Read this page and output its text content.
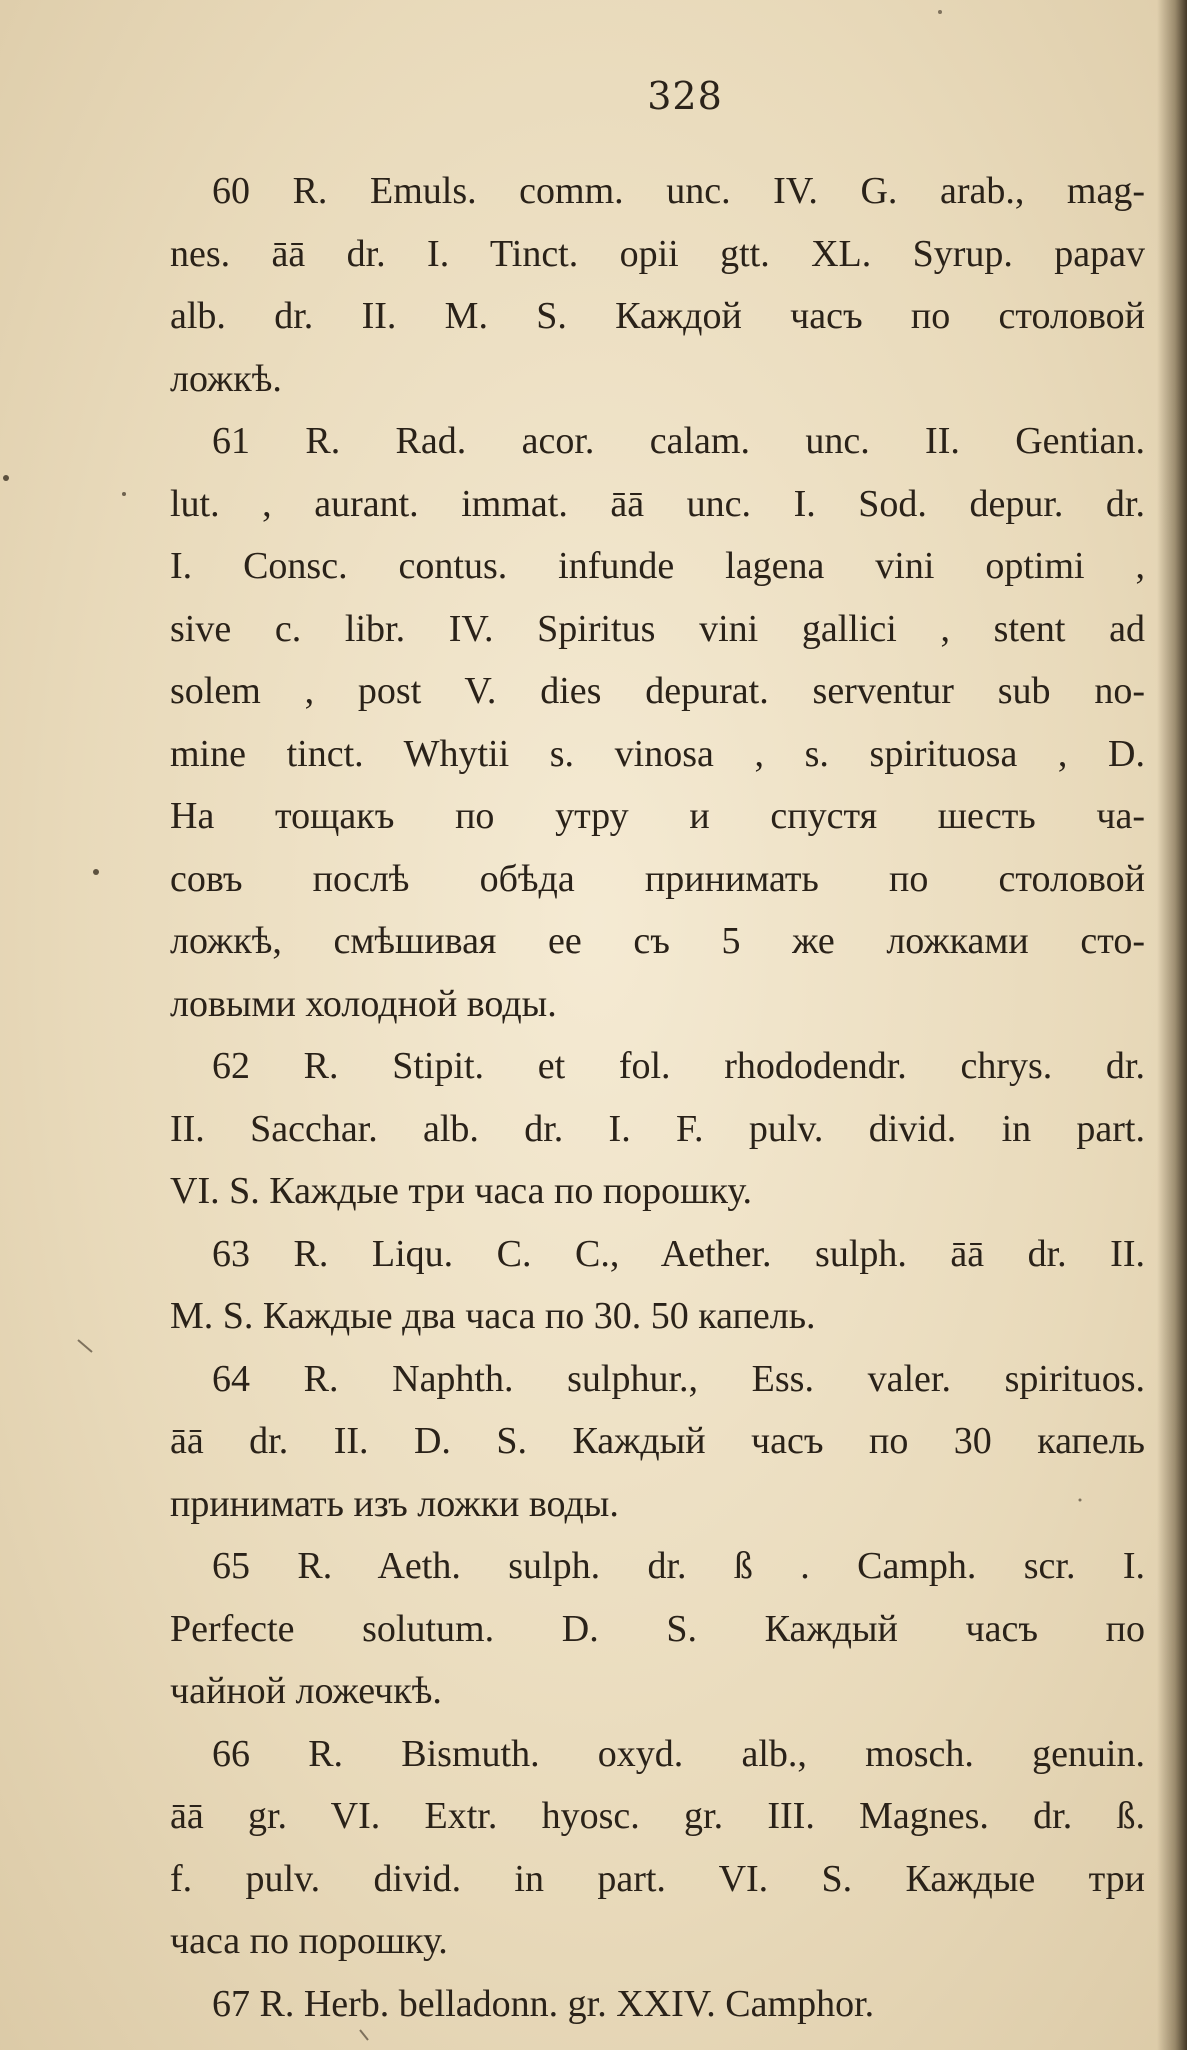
328
60 R. Emuls. comm. unc. IV. G. arab., mag-
nes. āā dr. I. Tinct. opii gtt. XL. Syrup. papav
alb. dr. II. M. S. Каждой часъ по столовой
ложкѣ.
61 R. Rad. acor. calam. unc. II. Gentian.
lut. , aurant. immat. āā unc. I. Sod. depur. dr.
I. Consc. contus. infunde lagena vini optimi ,
sive c. libr. IV. Spiritus vini gallici , stent ad
solem , post V. dies depurat. serventur sub no-
mine tinct. Whytii s. vinosa , s. spirituosa , D.
На тощакъ по утру и спустя шесть ча-
совъ послѣ обѣда принимать по столовой
ложкѣ, смѣшивая ее съ 5 же ложками сто-
ловыми холодной воды.
62 R. Stipit. et fol. rhododendr. chrys. dr.
II. Sacchar. alb. dr. I. F. pulv. divid. in part.
VI. S. Каждые три часа по порошку.
63 R. Liqu. C. C., Aether. sulph. āā dr. II.
M. S. Каждые два часа по 30. 50 капель.
64 R. Naphth. sulphur., Ess. valer. spirituos.
āā dr. II. D. S. Каждый часъ по 30 капель
принимать изъ ложки воды.
65 R. Aeth. sulph. dr. ß . Camph. scr. I.
Perfecte solutum. D. S. Каждый часъ по
чайной ложечкѣ.
66 R. Bismuth. oxyd. alb., mosch. genuin.
āā gr. VI. Extr. hyosc. gr. III. Magnes. dr. ß.
f. pulv. divid. in part. VI. S. Каждые три
часа по порошку.
67 R. Herb. belladonn. gr. XXIV. Camphor.
